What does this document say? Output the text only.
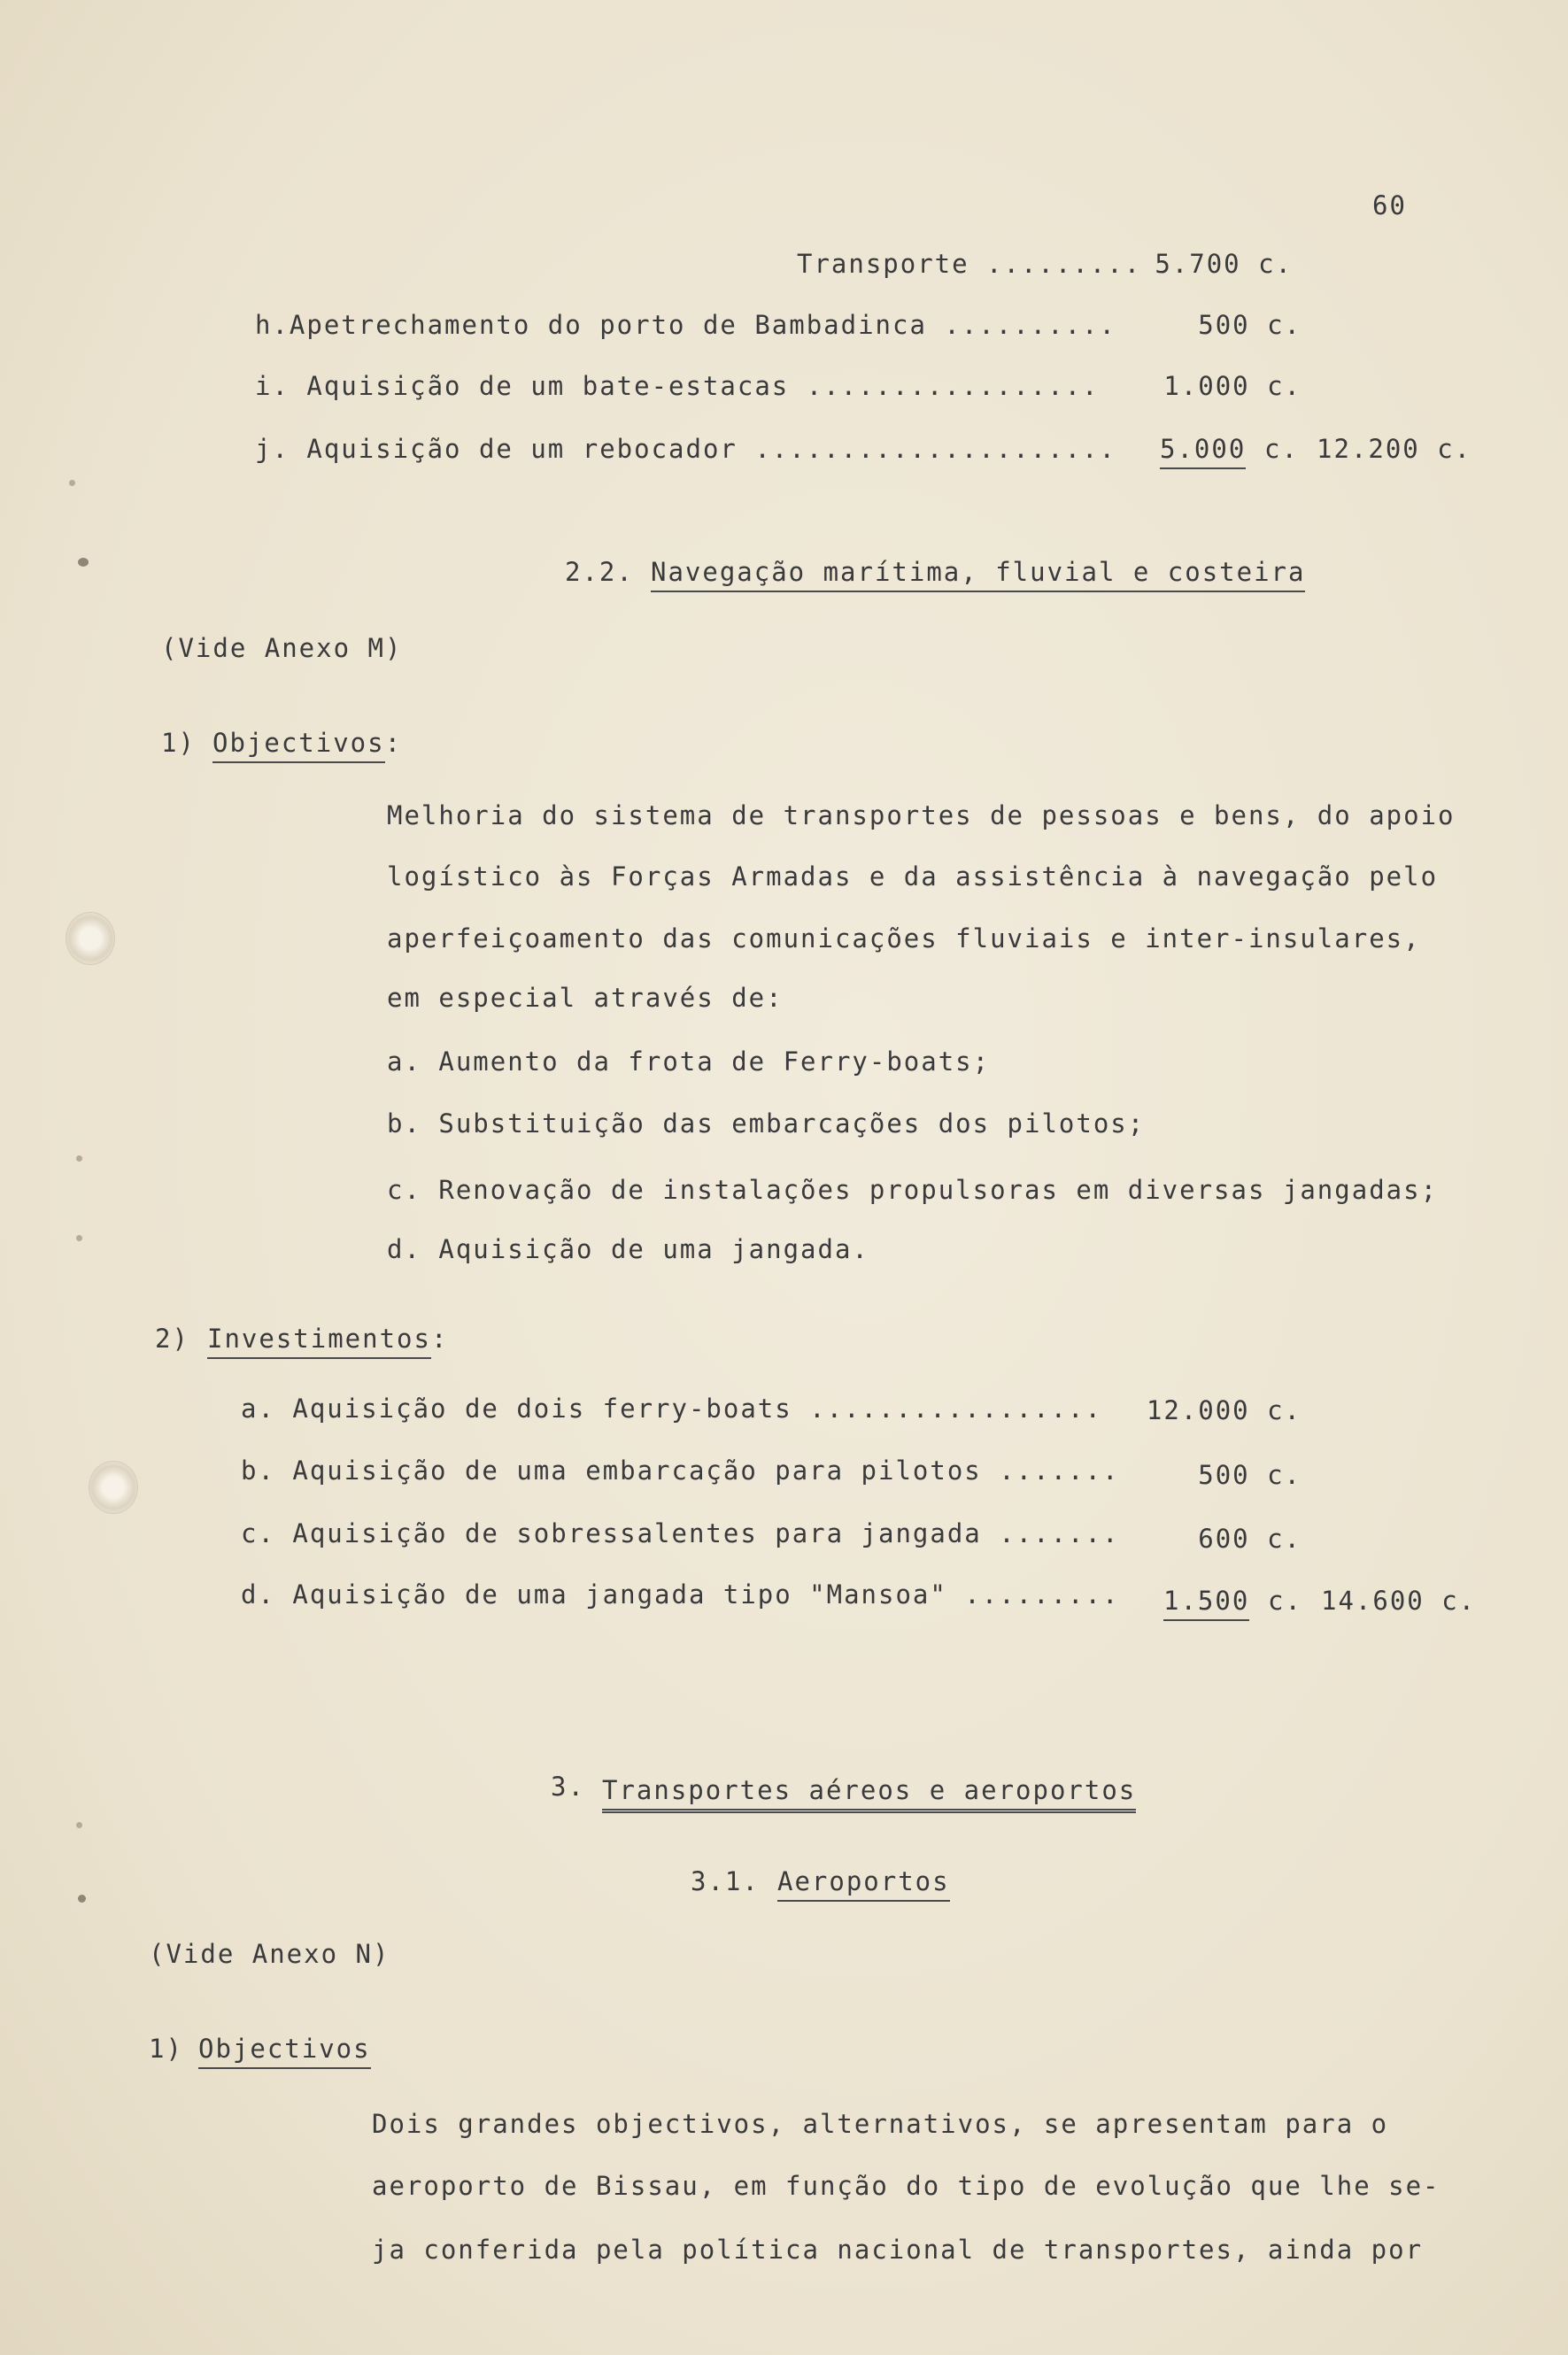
60
Transporte ......... 5.700 c.
h.Apetrechamento do porto de Bambadinca ..........	500 c.
i. Aquisição de um bate-estacas .................	1.000 c.
j. Aquisição de um rebocador ..................... 5.000 c. 12.200 c.
2.2. Navegação marítima, fluvial e costeira
(Vide Anexo M)
1) Objectivos:
Melhoria do sistema de transportes de pessoas e bens, do apoio
logístico às Forças Armadas e da assistência à navegação pelo
aperfeiçoamento das comunicações fluviais e inter-insulares,
em especial através de:
a. Aumento da frota de Ferry-boats;
b. Substituição das embarcações dos pilotos;
c. Renovação de instalações propulsoras em diversas jangadas;
d. Aquisição de uma jangada.
2) Investimentos:
a. Aquisição de dois ferry-boats .................	12.000 c.
b. Aquisição de uma embarcação para pilotos .......	500 c.
c. Aquisição de sobressalentes para jangada .......	600 c.
d. Aquisição de uma jangada tipo "Mansoa" ......... 1.500 c. 14.600 c.
3. Transportes aéreos e aeroportos
3.1. Aeroportos
(Vide Anexo N)
1) Objectivos
Dois grandes objectivos, alternativos, se apresentam para o
aeroporto de Bissau, em função do tipo de evolução que lhe se-
ja conferida pela política nacional de transportes, ainda por
